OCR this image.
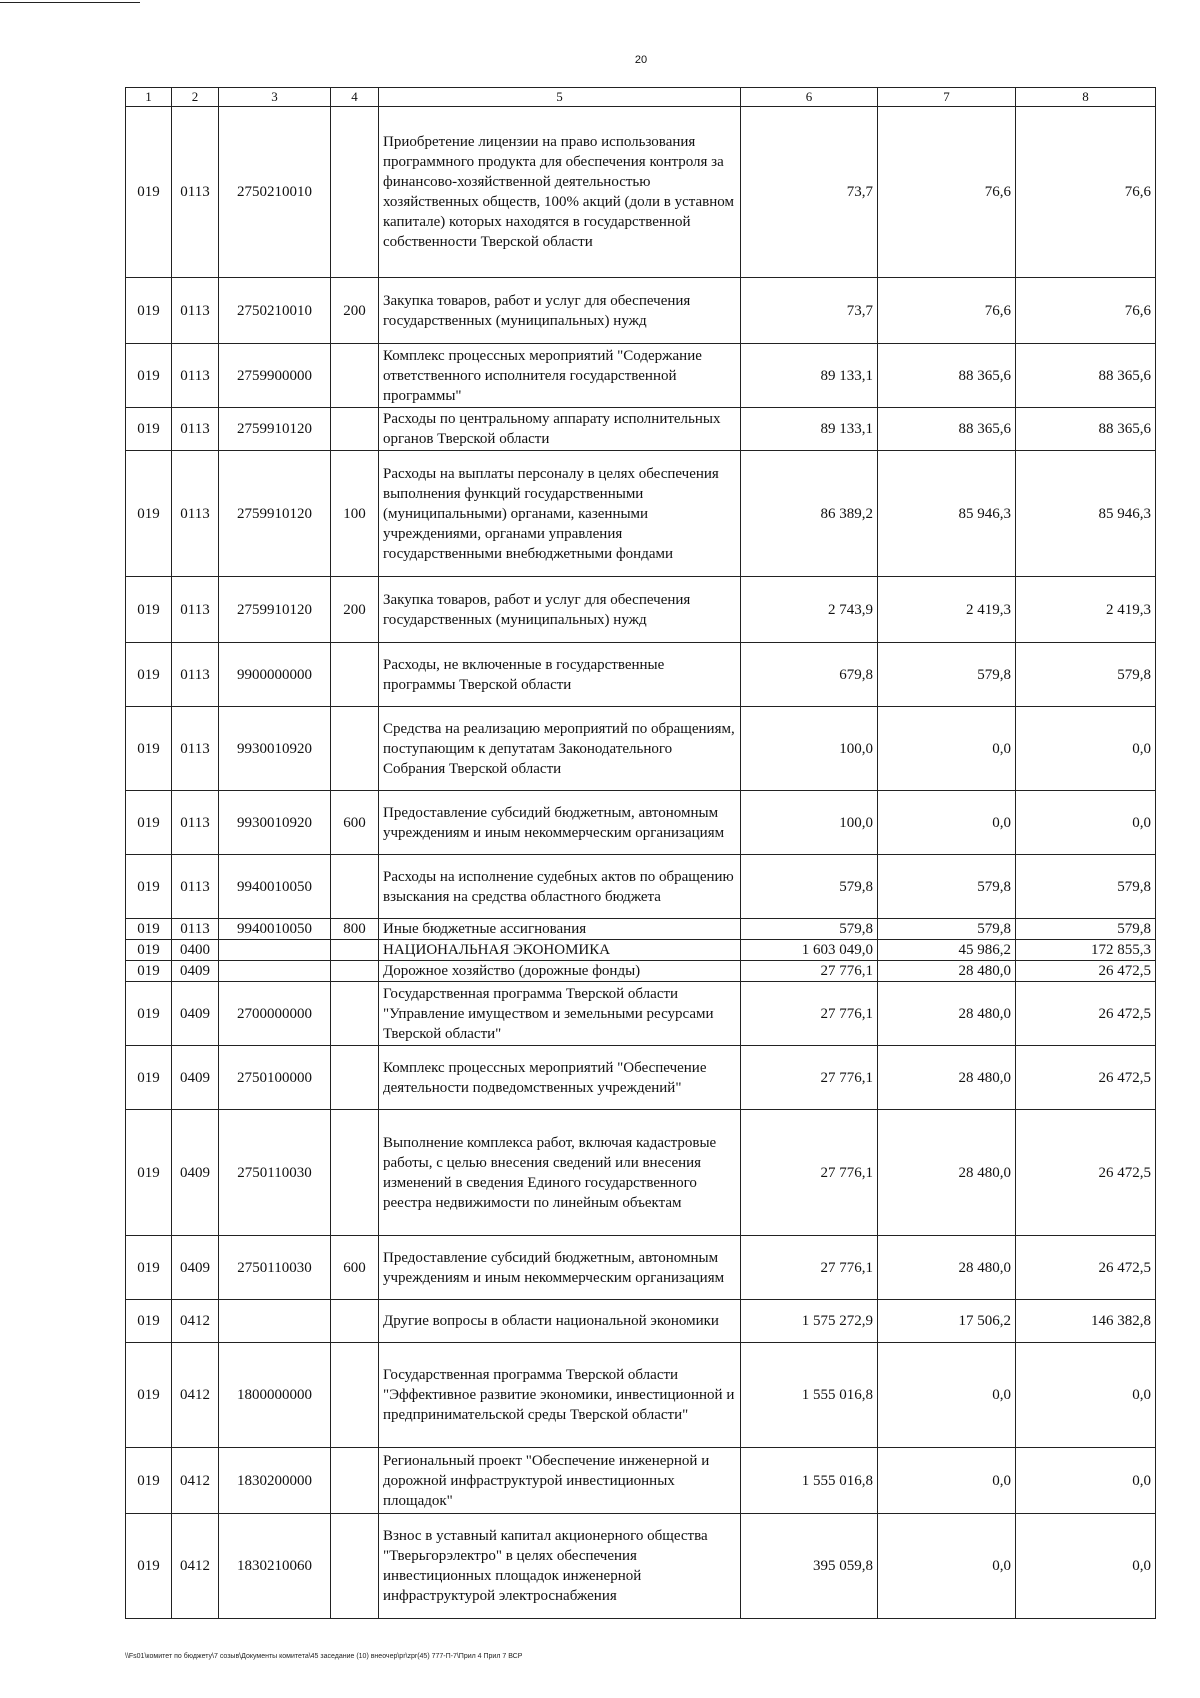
20
1	2	3	4	5	6	7	8
019	0113	2750210010		Приобретение лицензии на право использования программного продукта для обеспечения контроля за финансово-хозяйственной деятельностью хозяйственных обществ, 100% акций (доли в уставном капитале) которых находятся в государственной собственности Тверской области	73,7	76,6	76,6
019	0113	2750210010	200	Закупка товаров, работ и услуг для обеспечения государственных (муниципальных) нужд	73,7	76,6	76,6
019	0113	2759900000		Комплекс процессных мероприятий "Содержание ответственного исполнителя государственной программы"	89 133,1	88 365,6	88 365,6
019	0113	2759910120		Расходы по центральному аппарату исполнительных органов Тверской области	89 133,1	88 365,6	88 365,6
019	0113	2759910120	100	Расходы на выплаты персоналу в целях обеспечения выполнения функций государственными (муниципальными) органами, казенными учреждениями, органами управления государственными внебюджетными фондами	86 389,2	85 946,3	85 946,3
019	0113	2759910120	200	Закупка товаров, работ и услуг для обеспечения государственных (муниципальных) нужд	2 743,9	2 419,3	2 419,3
019	0113	9900000000		Расходы, не включенные в государственные программы Тверской области	679,8	579,8	579,8
019	0113	9930010920		Средства на реализацию мероприятий по обращениям, поступающим к депутатам Законодательного Собрания Тверской области	100,0	0,0	0,0
019	0113	9930010920	600	Предоставление субсидий бюджетным, автономным учреждениям и иным некоммерческим организациям	100,0	0,0	0,0
019	0113	9940010050		Расходы на исполнение судебных актов по обращению взыскания на средства областного бюджета	579,8	579,8	579,8
019	0113	9940010050	800	Иные бюджетные ассигнования	579,8	579,8	579,8
019	0400			НАЦИОНАЛЬНАЯ ЭКОНОМИКА	1 603 049,0	45 986,2	172 855,3
019	0409			Дорожное хозяйство (дорожные фонды)	27 776,1	28 480,0	26 472,5
019	0409	2700000000		Государственная программа Тверской области "Управление имуществом и земельными ресурсами Тверской области"	27 776,1	28 480,0	26 472,5
019	0409	2750100000		Комплекс процессных мероприятий "Обеспечение деятельности подведомственных учреждений"	27 776,1	28 480,0	26 472,5
019	0409	2750110030		Выполнение комплекса работ, включая кадастровые работы, с целью внесения сведений или внесения изменений в сведения Единого государственного реестра недвижимости по линейным объектам	27 776,1	28 480,0	26 472,5
019	0409	2750110030	600	Предоставление субсидий бюджетным, автономным учреждениям и иным некоммерческим организациям	27 776,1	28 480,0	26 472,5
019	0412			Другие вопросы в области национальной экономики	1 575 272,9	17 506,2	146 382,8
019	0412	1800000000		Государственная программа Тверской области "Эффективное развитие экономики, инвестиционной и предпринимательской среды Тверской области"	1 555 016,8	0,0	0,0
019	0412	1830200000		Региональный проект "Обеспечение инженерной и дорожной инфраструктурой инвестиционных площадок"	1 555 016,8	0,0	0,0
019	0412	1830210060		Взнос в уставный капитал акционерного общества "Тверьгорэлектро" в целях обеспечения инвестиционных площадок инженерной инфраструктурой электроснабжения	395 059,8	0,0	0,0
\\Fs01\комитет по бюджету\7 созыв\Документы комитета\45 заседание (10) внеочер\pr\zpr(45) 777-П-7\Прил 4 Прил 7 ВСР
